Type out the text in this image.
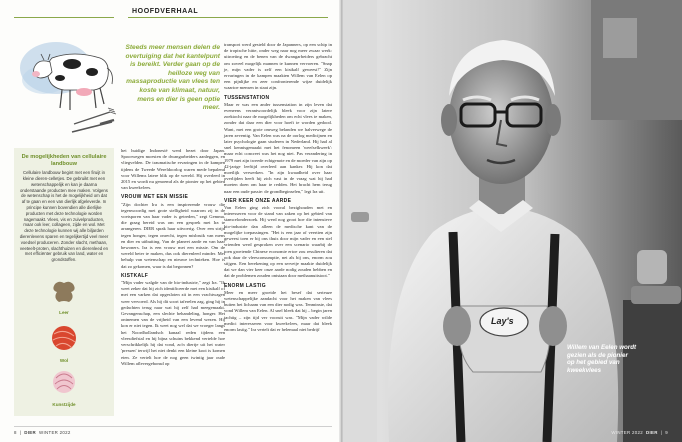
HOOFDVERHAAL
Steeds meer mensen delen de overtuiging dat het kantelpunt is bereikt. Verder gaan op de heilloze weg van massaproductie van vlees ten koste van klimaat, natuur, mens en dier is geen optie meer.

transport werd gesteld door de Japanners, op een schip in de tropische hitte, onder weg naar nog meer zwaar werk: uitroeiing en de benen van de dwangarbeiders gebracht om zoveel mogelijk mannen te kunnen vervoeren. "Snap je, mijn vader is zelf een kistkalf geweest!" Zijn ervaringen in de kampen maakten Willem van Eelen op een pijnlijke en zeer confronterende wijze duidelijk waartoe mensen in staat zijn.

TUSSENSTATION

Maar er was een ander tussenstation in zijn leven dat eveneens verantwoordelijk bleek voor zijn latere zoektocht naar de mogelijkheden om echt vlees te maken, zonder dat daar een dier voor hoeft te worden gedood. Want, met een grote omweg belanden we halverwege de jaren zeventig. Van Eelen was na de oorlog medicijnen en later psychologie gaan studeren in Nederland. Hij had al snel kennisgemaakt met het fenomeen 'weefselkweek': maar echt concreet was het nog niet. Pas verandering in 1979 met zijn tweede echtgenote en de moeder van zijn op 42-jarige leeftijd overleed aan kanker. Hij kon dat moeilijk verwerken. "In zijn kwaadheid over haar overlijden heeft hij zich vast in de vraag wat hij had moeten doen om haar te redden. Het bracht hem terug naar een oude passie: de grondbeginselen," legt Ira uit.

VIER KEER ONZE AARDE

Van Eelen ging zich vooral bezighouden met en interesseren voor de stand van zaken op het gebied van stamcelonderzoek. Hij werd nog groot hoe die intensieve bio-industrie dan alleen de medische kant van de mogelijke toepassingen. "Het is een jaar of veertien zijn geweest toen er bij ons thuis door mijn vader en een stel vrienden werd gesproken over een scenario waarbij de toen groeiende Chinese economie ertoe zou resulteren dat ook daar de vleesconsumptie, net als bij ons, enorm zou stijgen. Een berekening op een servetje maakte duidelijk dat we dan vier keer onze aarde nodig zouden hebben en dat de problemen zouden ontstaan door methaanuitstoot."

ENORM LASTIG

Meer en meer groeide het besef dat serieuze wetenschappelijke aandacht voor het maken van vlees buiten het lichaam van een dier nodig was. Tenminste, dat vond Willem van Eelen. Al snel bleek dat hij – begin jaren tachtig – zijn tijd ver vooruit was. "Mijn vader wilde medici interesseren voor kweekvlees, maar dat bleek enorm lastig." Ira vertelt dat er helemaal niet bedrijf

het huidige Indonesië werd bezet door Japan. Spoorwegen moesten de dwangarbeiders aanleggen, en vliegvelden. De traumatische ervaringen in de kampen tijdens de Tweede Wereldoorlog waren mede bepalend voor Willems latere blik op de wereld. Hij overleed in 2015 en wordt nu genoemd als de pionier op het gebied van kweekvlees.

VROUW MET EEN MISSIE

"Zijn dochter Ira is een inspirerende vrouw die tegenwoordig met grote stelligheid waarom zij in de voetsporen van haar vader is getreden," zegt Gemma, die graag bereid was om een gesprek met Ira te arrangeren. DIER sprak haar uitvoerig. Over een strijd tegen honger, tegen onrecht, tegen misbruik van mens en dier en uitbuiting. Van de planeet aarde en van haar bewoners. Ira is een vrouw met een missie. Om de wereld beter te maken, dus ook dierenleed minder. Met behulp van wetenschap en nieuwe technieken. Hoe is dat zo gekomen, waar is dat begonnen?

KISTKALF

"Mijn vader walgde van de bio-industrie," zegt Ira. "Ik weet zeker dat hij zich identificeerde met een kistkalf of met een varken dat opgesloten zit in een vrachtwagen weer vervoerd. Als hij dit soort taferelen zag, ging hij in gedachten terug naar wat hij zelf had meegemaakt. Gevangenschap, een slechte behandeling, honger. Het ontnemen van de vrijheid van een levend wezen. Hij kon er niet tegen. Ik weet nog wel dat we vroeger langs het Noordhollandsch kanaal reden tijdens een vleesdiefstal en hij bijna schuins bekkend vertelde hoe verschrikkelijk hij dat vond, zo'n diertje uit het water 'pressen' terwijl het niet denkt een kleine kooi is komen eten. Ze vertelt hoe de nog geen twintig jaar oude Willem aflevergebonsd op

De mogelijkheden van cellulaire landbouw
Cellulaire landbouw begint met een firuijt in kleine dieren-celletjes. De gebruikt met een wetenschappelijk en kan je daarna onderstaande producten mee maken. Volgens de wetenschap is het de mogelijkheid om dat af te gaan en een van dierlijk afgeleverde. In principe kunnen bovendien alle dierlijke producten met deze technologie worden nagemaakt. Vlees, vis en zuivelproducten, maar ook leer, collageen, zijde en wol. Met deze technologie kunnen wij alle biljarden dierenlevens sparen en tegelijkertijd veel meer voedsel produceren. Zonder slacht, methaan, veeteelt-proten, slachthuizen en dierenleed en met efficiënter gebruik van land, water en grondstoffen.
Leer
Wol
Kunstzijde
8  |  DIER WINTER 2022
Lay's
Willem van Eelen wordt gezien als de pionier op het gebied van kweekvlees
WINTER 2022 DIER  |  9
